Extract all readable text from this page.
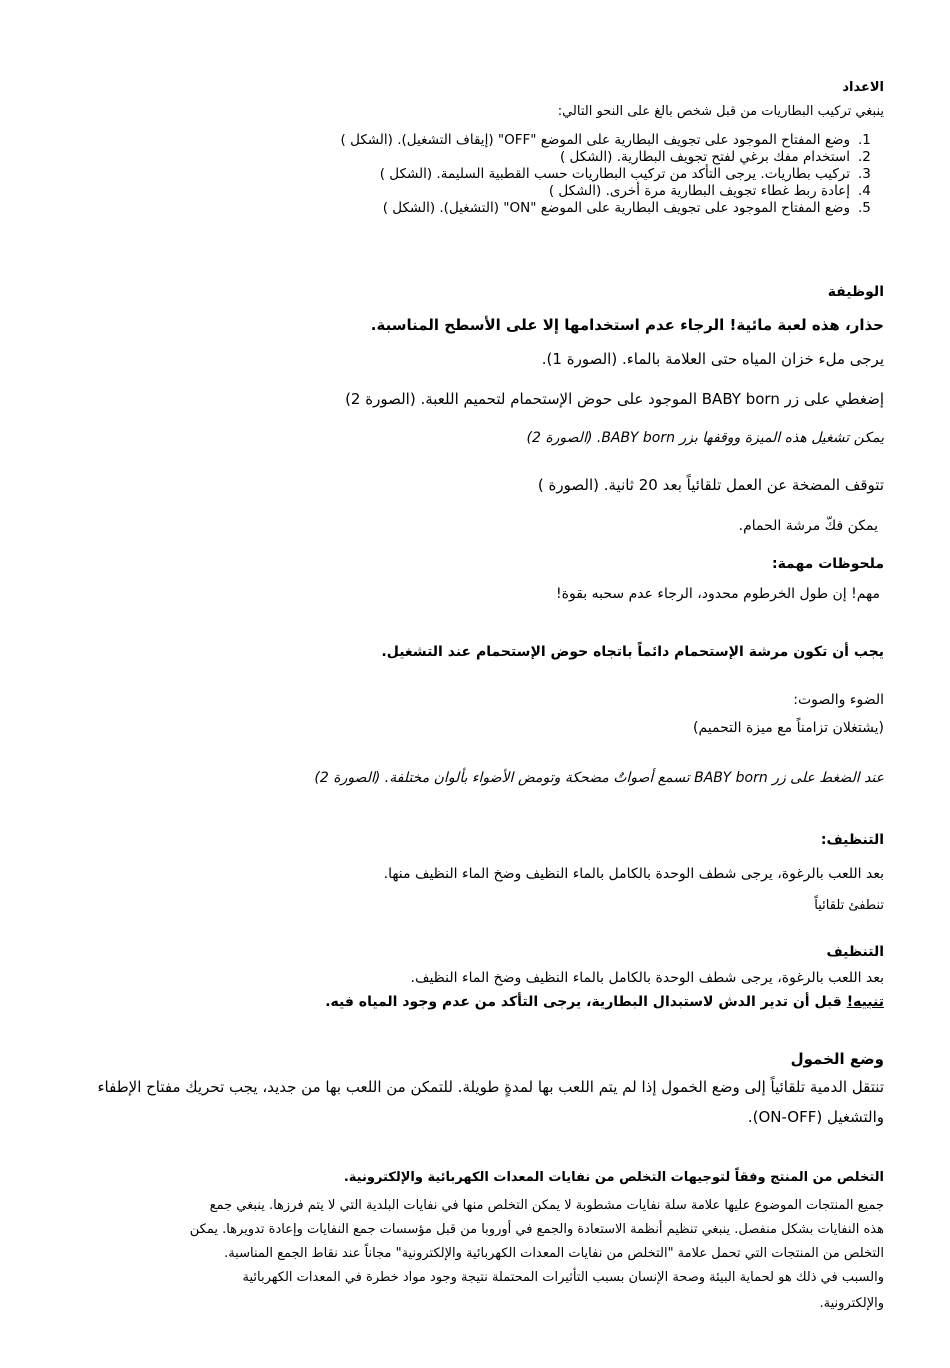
الاعداد

ينبغي تركيب البطاريات من قبل شخص بالغ على النحو التالي:

1.
وضع المفتاح الموجود على تجويف البطارية على الموضع "OFF" (إيقاف التشغيل). (الشكل )
2.
استخدام مفك برغي لفتح تجويف البطارية. (الشكل )
3.
تركيب بطاريات. يرجى التأكد من تركيب البطاريات حسب القطبية السليمة. (الشكل )
4.
إعادة ربط غطاء تجويف البطارية مرة أخرى. (الشكل )
5.
وضع المفتاح الموجود على تجويف البطارية على الموضع "ON" (التشغيل). (الشكل )

الوظيفة

حذار، هذه لعبة مائية! الرجاء عدم استخدامها إلا على الأسطح المناسبة.

يرجى ملء خزان المياه حتى العلامة بالماء. (الصورة 1).

إضغطي على زر BABY born الموجود على حوض الإستحمام لتحميم اللعبة. (الصورة 2)

يمكن تشغيل هذه الميزة ووقفها بزر BABY born. (الصورة 2)

تتوقف المضخة عن العمل تلقائياً بعد 20 ثانية. (الصورة )

يمكن فكّ مرشة الحمام.

ملحوظات مهمة:

مهم! إن طول الخرطوم محدود، الرجاء عدم سحبه بقوة!

يجب أن تكون مرشة الإستحمام دائماً باتجاه حوض الإستحمام عند التشغيل.

الضوء والصوت:

(يشتغلان تزامناً مع ميزة التحميم)

عند الضغط على زر BABY born تسمع أصواتٌ مضحكة وتومض الأضواء بألوان مختلفة. (الصورة 2)

التنظيف:

بعد اللعب بالرغوة، يرجى شطف الوحدة بالكامل بالماء النظيف وضخ الماء النظيف منها.

تنطفئ تلقائياً

التنظيف

بعد اللعب بالرغوة، يرجى شطف الوحدة بالكامل بالماء النظيف وضخ الماء النظيف.

تنبيه! قبل أن تدير الدش لاستبدال البطارية، يرجى التأكد من عدم وجود المياه فيه.

وضع الخمول

تنتقل الدمية تلقائياً إلى وضع الخمول إذا لم يتم اللعب بها لمدةٍ طويلة. للتمكن من اللعب بها من جديد، يجب تحريك مفتاح الإطفاء

والتشغيل (ON-OFF).

التخلص من المنتج وفقاً لتوجيهات التخلص من نفايات المعدات الكهربائية والإلكترونية.

جميع المنتجات الموضوع عليها علامة سلة نفايات مشطوبة لا يمكن التخلص منها في نفايات البلدية التي لا يتم فرزها. ينبغي جمع

هذه النفايات بشكل منفصل. ينبغي تنظيم أنظمة الاستعادة والجمع في أوروبا من قبل مؤسسات جمع النفايات وإعادة تدويرها. يمكن

التخلص من المنتجات التي تحمل علامة "التخلص من نفايات المعدات الكهربائية والإلكترونية" مجاناً عند نقاط الجمع المناسبة.

والسبب في ذلك هو لحماية البيئة وصحة الإنسان بسبب التأثيرات المحتملة نتيجة وجود مواد خطرة في المعدات الكهربائية

والإلكترونية.
